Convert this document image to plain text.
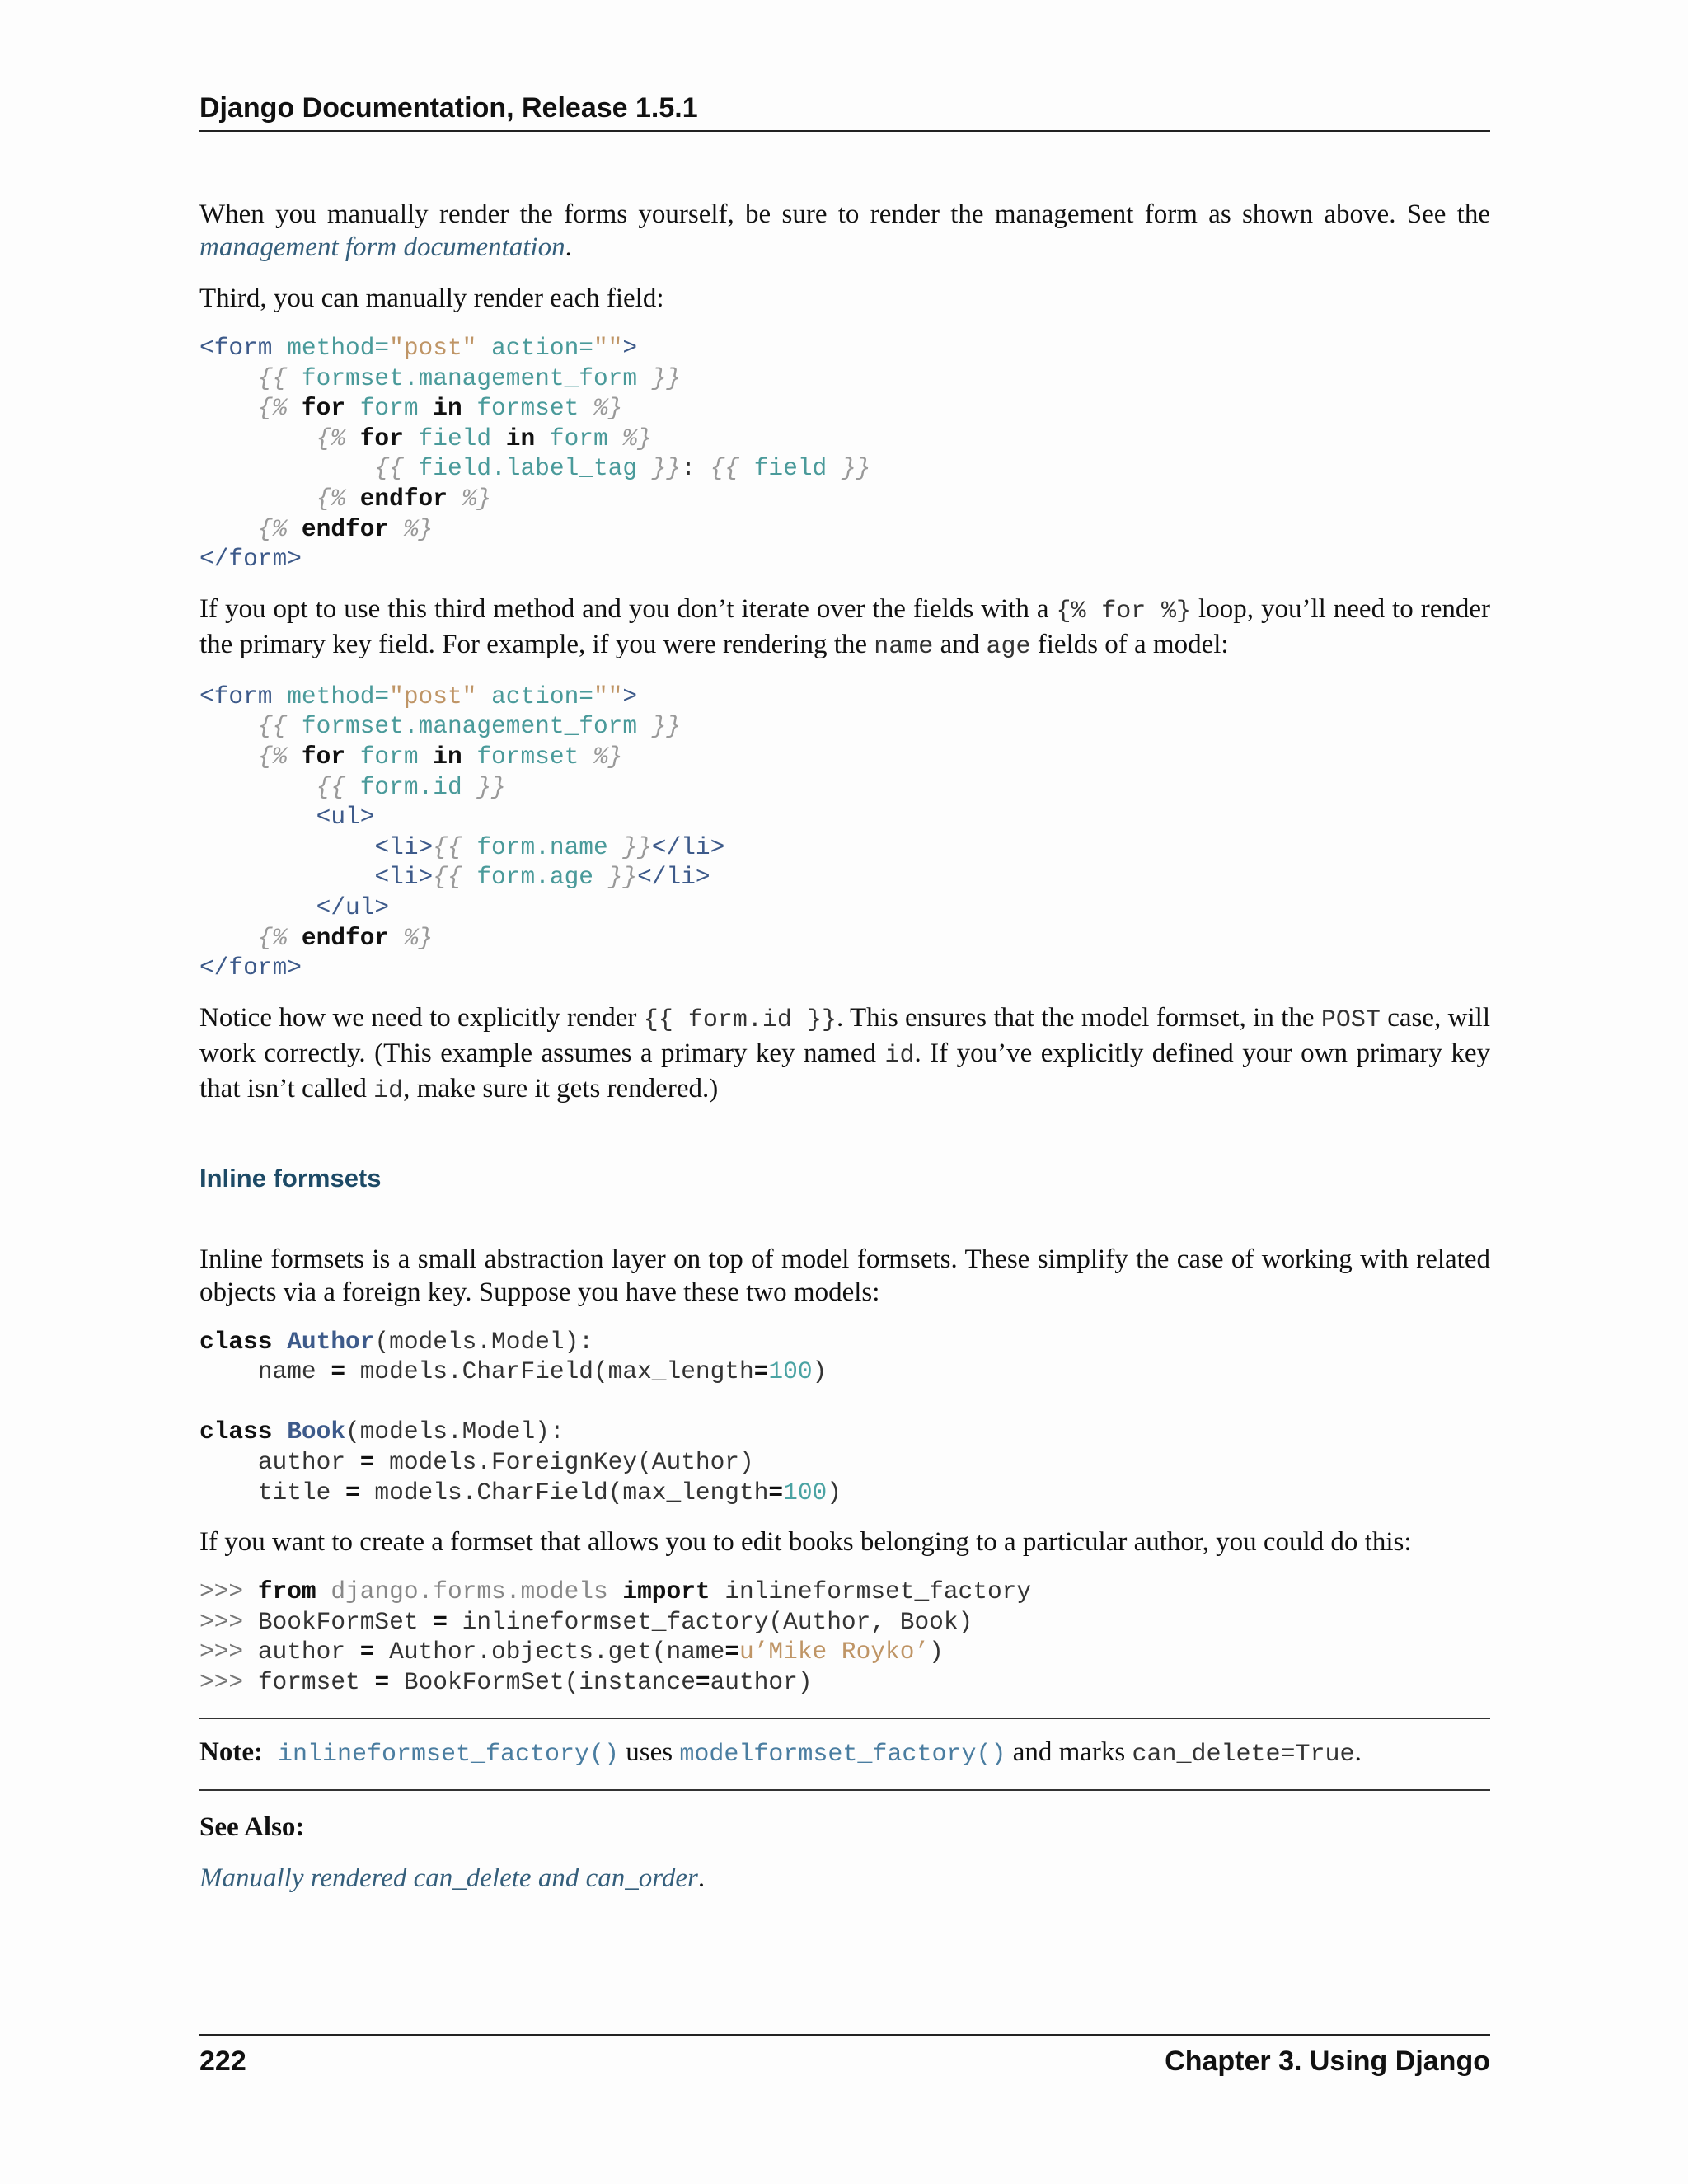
Django Documentation, Release 1.5.1

When you manually render the forms yourself, be sure to render the management form as shown above. See the management form documentation.

Third, you can manually render each field:

<form method="post" action="">
{{ formset.management_form }}
{% for form in formset %}
{% for field in form %}
{{ field.label_tag }}: {{ field }}
{% endfor %}
{% endfor %}
</form>

If you opt to use this third method and you don’t iterate over the fields with a {% for %} loop, you’ll need to render the primary key field. For example, if you were rendering the name and age fields of a model:

<form method="post" action="">
{{ formset.management_form }}
{% for form in formset %}
{{ form.id }}
<ul>
<li>{{ form.name }}</li>
<li>{{ form.age }}</li>
</ul>
{% endfor %}
</form>

Notice how we need to explicitly render {{ form.id }}. This ensures that the model formset, in the POST case, will work correctly. (This example assumes a primary key named id. If you’ve explicitly defined your own primary key that isn’t called id, make sure it gets rendered.)

Inline formsets

Inline formsets is a small abstraction layer on top of model formsets. These simplify the case of working with related objects via a foreign key. Suppose you have these two models:

class Author(models.Model):
name = models.CharField(max_length=100)

class Book(models.Model):
author = models.ForeignKey(Author)
title = models.CharField(max_length=100)

If you want to create a formset that allows you to edit books belonging to a particular author, you could do this:

>>> from django.forms.models import inlineformset_factory
>>> BookFormSet = inlineformset_factory(Author, Book)
>>> author = Author.objects.get(name=u’Mike Royko’)
>>> formset = BookFormSet(instance=author)
Note: inlineformset_factory() uses modelformset_factory() and marks can_delete=True.
See Also:

Manually rendered can_delete and can_order.

222	Chapter 3. Using Django
